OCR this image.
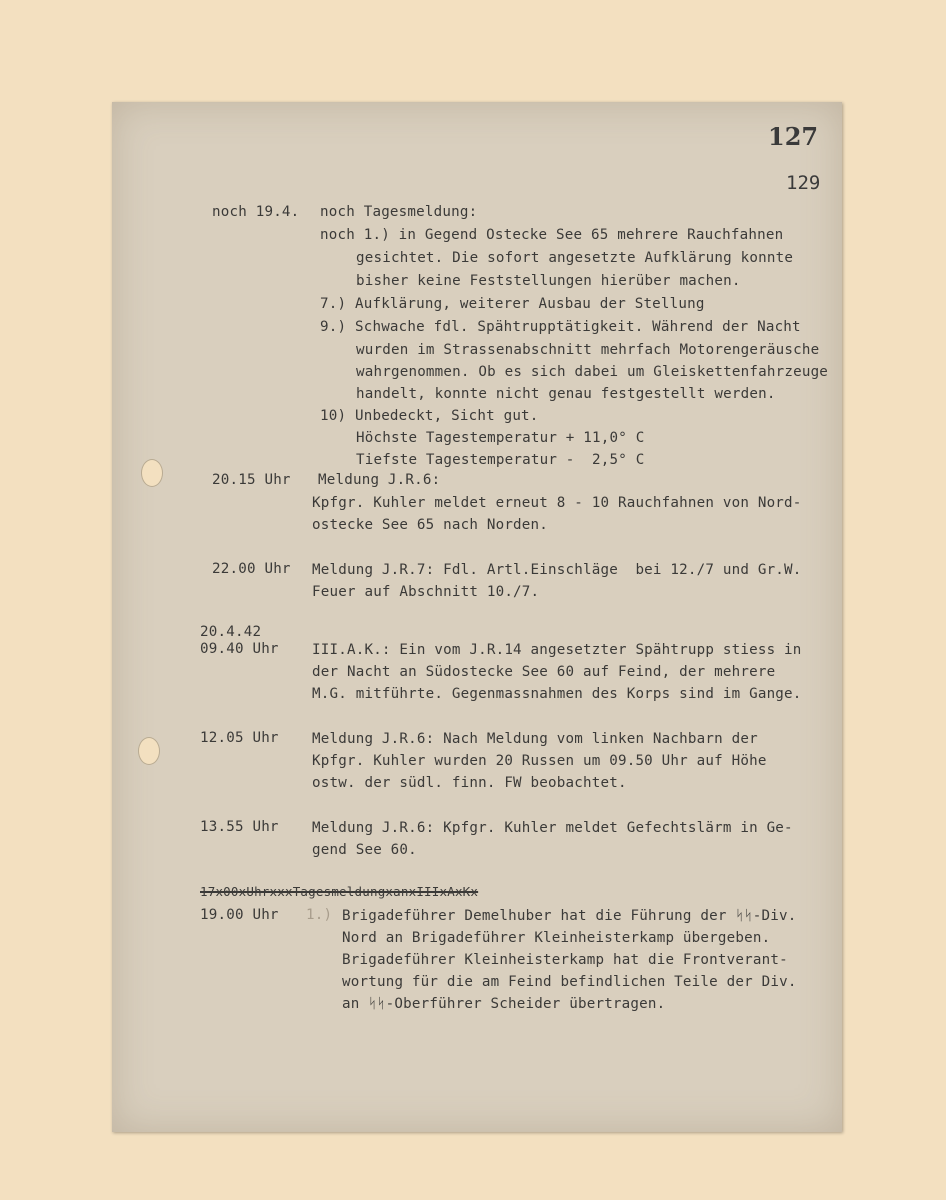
127
129
noch 19.4. noch Tagesmeldung:
noch 1.) in Gegend Ostecke See 65 mehrere Rauchfahnen
gesichtet. Die sofort angesetzte Aufklärung konnte
bisher keine Feststellungen hierüber machen.
7.) Aufklärung, weiterer Ausbau der Stellung
9.) Schwache fdl. Spähtrupptätigkeit. Während der Nacht
wurden im Strassenabschnitt mehrfach Motorengeräusche
wahrgenommen. Ob es sich dabei um Gleiskettenfahrzeuge
handelt, konnte nicht genau festgestellt werden.
10) Unbedeckt, Sicht gut.
Höchste Tagestemperatur + 11,0° C
Tiefste Tagestemperatur -  2,5° C
20.15 Uhr Meldung J.R.6:
Kpfgr. Kuhler meldet erneut 8 - 10 Rauchfahnen von Nord-
ostecke See 65 nach Norden.
22.00 Uhr Meldung J.R.7: Fdl. Artl.Einschläge  bei 12./7 und Gr.W.
Feuer auf Abschnitt 10./7.
20.4.42
09.40 Uhr III.A.K.: Ein vom J.R.14 angesetzter Spähtrupp stiess in
der Nacht an Südostecke See 60 auf Feind, der mehrere
M.G. mitführte. Gegenmassnahmen des Korps sind im Gange.
12.05 Uhr Meldung J.R.6: Nach Meldung vom linken Nachbarn der
Kpfgr. Kuhler wurden 20 Russen um 09.50 Uhr auf Höhe
ostw. der südl. finn. FW beobachtet.
13.55 Uhr Meldung J.R.6: Kpfgr. Kuhler meldet Gefechtslärm in Ge-
gend See 60.
17x00xUhrxxxTagesmeldungxanxIIIxAxKx
19.00 Uhr 1.) Brigadeführer Demelhuber hat die Führung der ᛋᛋ-Div.
Nord an Brigadeführer Kleinheisterkamp übergeben.
Brigadeführer Kleinheisterkamp hat die Frontverant-
wortung für die am Feind befindlichen Teile der Div.
an ᛋᛋ-Oberführer Scheider übertragen.
